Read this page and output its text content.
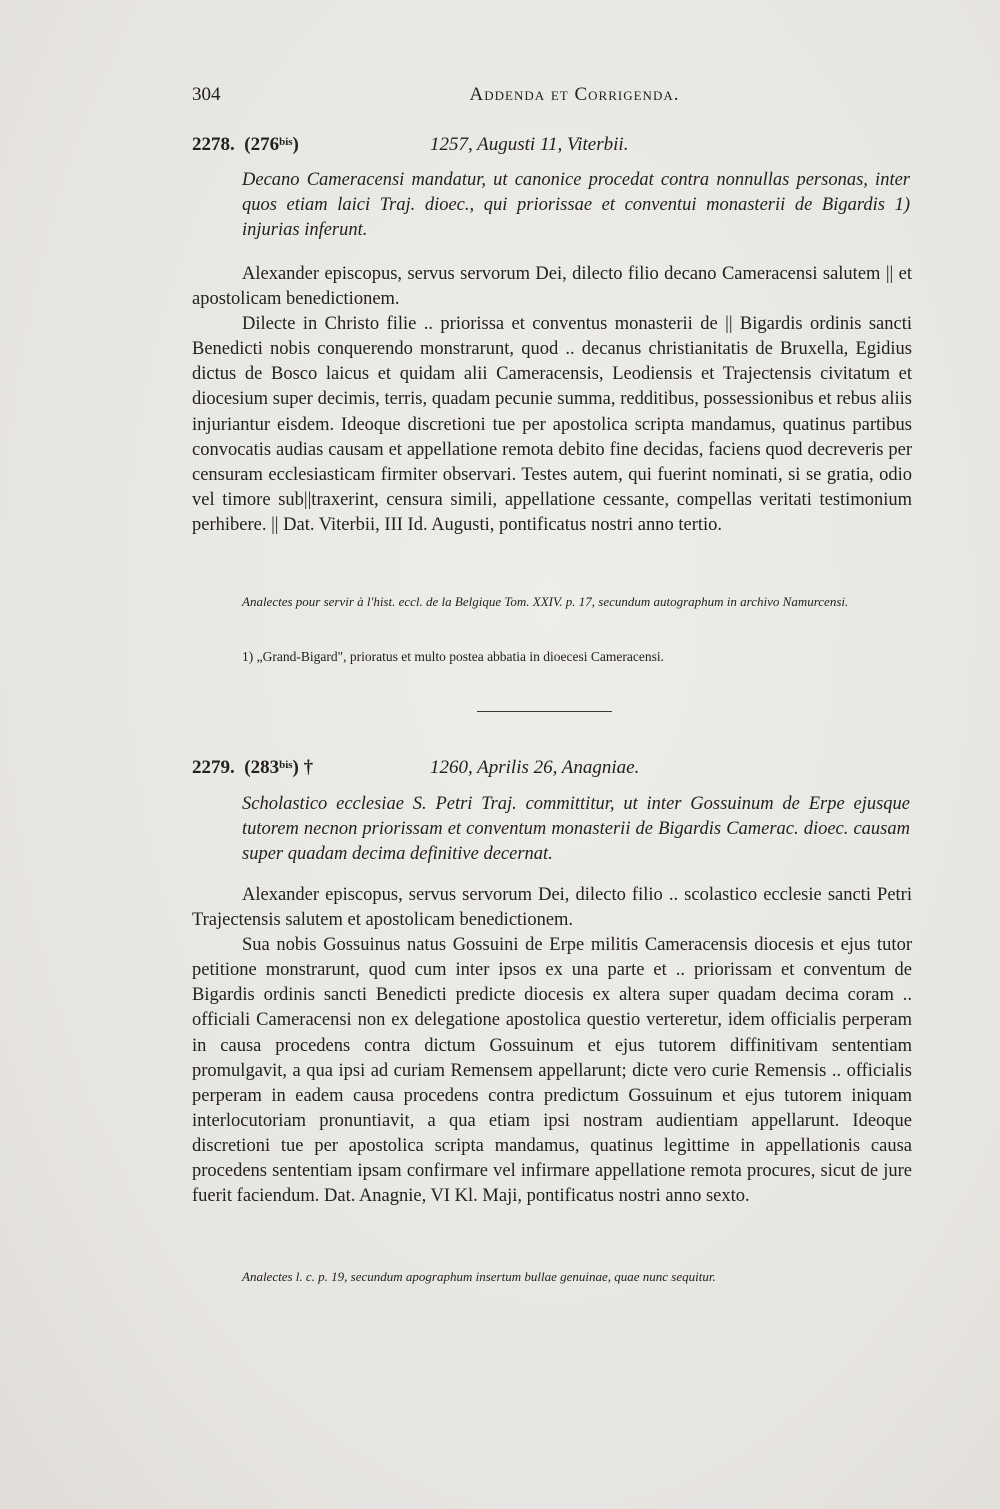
304	Addenda et Corrigenda.
2278. $(276^{bis})$	1257, Augusti 11, Viterbii.
Decano Cameracensi mandatur, ut canonice procedat contra nonnullas personas, inter quos etiam laici Traj. dioec., qui priorissae et conventui monasterii de Bigardis 1) injurias inferunt.

Alexander episcopus, servus servorum Dei, dilecto filio decano Cameracensi salutem || et apostolicam benedictionem.

Dilecte in Christo filie .. priorissa et conventus monasterii de || Bigardis ordinis sancti Benedicti nobis conquerendo monstrarunt, quod .. decanus christianitatis de Bruxella, Egidius dictus de Bosco laicus et quidam alii Cameracensis, Leodiensis et Trajectensis civitatum et diocesium super decimis, terris, quadam pecunie summa, redditibus, possessionibus et rebus aliis injuriantur eisdem. Ideoque discretioni tue per apostolica scripta mandamus, quatinus partibus convocatis audias causam et appellatione remota debito fine decidas, faciens quod decreveris per censuram ecclesiasticam firmiter observari. Testes autem, qui fuerint nominati, si se gratia, odio vel timore sub||traxerint, censura simili, appellatione cessante, compellas veritati testimonium perhibere. || Dat. Viterbii, III Id. Augusti, pontificatus nostri anno tertio.

Analectes pour servir à l'hist. eccl. de la Belgique Tom. XXIV. p. 17, secundum autographum in archivo Namurcensi.
1) „Grand-Bigard", prioratus et multo postea abbatia in dioecesi Cameracensi.
2279. $(283^{bis})$ †	1260, Aprilis 26, Anagniae.
Scholastico ecclesiae S. Petri Traj. committitur, ut inter Gossuinum de Erpe ejusque tutorem necnon priorissam et conventum monasterii de Bigardis Camerac. dioec. causam super quadam decima definitive decernat.

Alexander episcopus, servus servorum Dei, dilecto filio .. scolastico ecclesie sancti Petri Trajectensis salutem et apostolicam benedictionem.

Sua nobis Gossuinus natus Gossuini de Erpe militis Cameracensis diocesis et ejus tutor petitione monstrarunt, quod cum inter ipsos ex una parte et .. priorissam et conventum de Bigardis ordinis sancti Benedicti predicte diocesis ex altera super quadam decima coram .. officiali Cameracensi non ex delegatione apostolica questio verteretur, idem officialis perperam in causa procedens contra dictum Gossuinum et ejus tutorem diffinitivam sententiam promulgavit, a qua ipsi ad curiam Remensem appellarunt; dicte vero curie Remensis .. officialis perperam in eadem causa procedens contra predictum Gossuinum et ejus tutorem iniquam interlocutoriam pronuntiavit, a qua etiam ipsi nostram audientiam appellarunt. Ideoque discretioni tue per apostolica scripta mandamus, quatinus legittime in appellationis causa procedens sententiam ipsam confirmare vel infirmare appellatione remota procures, sicut de jure fuerit faciendum. Dat. Anagnie, VI Kl. Maji, pontificatus nostri anno sexto.

Analectes l. c. p. 19, secundum apographum insertum bullae genuinae, quae nunc sequitur.
